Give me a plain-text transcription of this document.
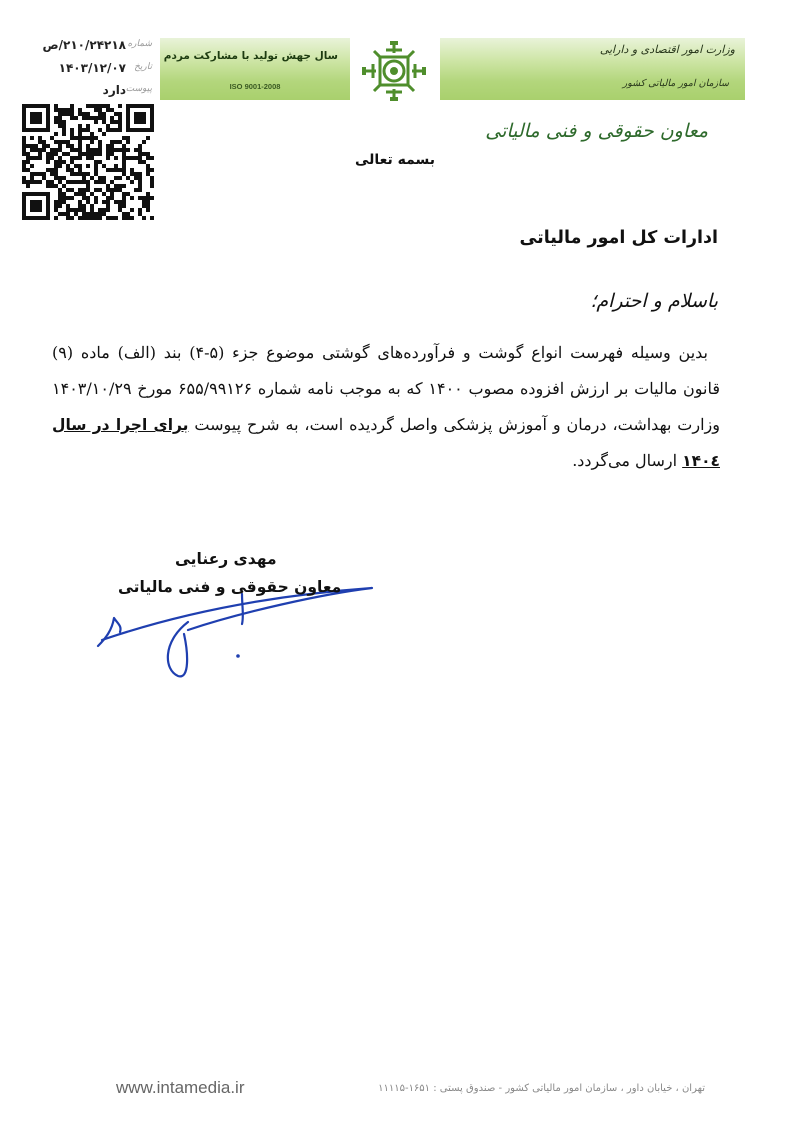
شماره
۲۱۰/۲۴۲۱۸/ص
تاریخ
۱۴۰۳/۱۲/۰۷
پیوست
دارد
سال جهش تولید با مشارکت مردم
ISO 9001-2008
وزارت امور اقتصادی و دارایی
سازمان امور مالیاتی کشور
معاون حقوقی و فنی مالیاتی
بسمه تعالی
ادارات کل امور مالیاتی
باسلام و احترام؛
بدین وسیله فهرست انواع گوشت و فرآورده‌های گوشتی موضوع جزء (۵-۴) بند (الف) ماده (۹) قانون مالیات بر ارزش افزوده مصوب ۱۴۰۰ که به موجب نامه شماره ۶۵۵/۹۹۱۲۶ مورخ ۱۴۰۳/۱۰/۲۹ وزارت بهداشت، درمان و آموزش پزشکی واصل گردیده است، به شرح پیوست برای اجرا در سال ۱۴۰٤ ارسال می‌گردد.
مهدی رعنایی
معاون حقوقی و فنی مالیاتی
www.intamedia.ir	تهران ، خیابان داور ، سازمان امور مالیاتی کشور - صندوق پستی : ۱۶۵۱-۱۱۱۱۵
